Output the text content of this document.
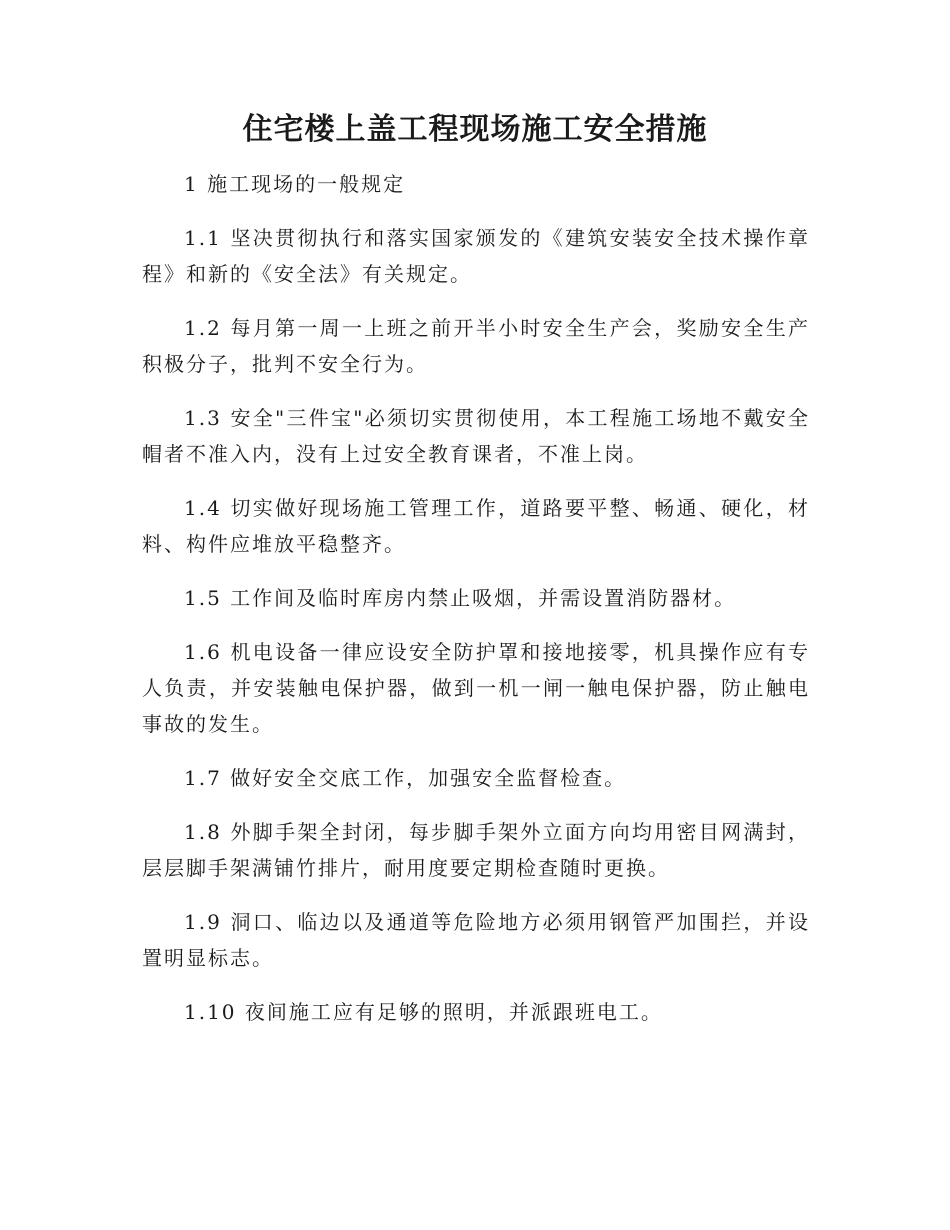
住宅楼上盖工程现场施工安全措施

1 施工现场的一般规定

1.1 坚决贯彻执行和落实国家颁发的《建筑安装安全技术操作章程》和新的《安全法》有关规定。

1.2 每月第一周一上班之前开半小时安全生产会，奖励安全生产积极分子，批判不安全行为。

1.3 安全"三件宝"必须切实贯彻使用，本工程施工场地不戴安全帽者不准入内，没有上过安全教育课者，不准上岗。

1.4 切实做好现场施工管理工作，道路要平整、畅通、硬化，材料、构件应堆放平稳整齐。

1.5 工作间及临时库房内禁止吸烟，并需设置消防器材。

1.6 机电设备一律应设安全防护罩和接地接零，机具操作应有专人负责，并安装触电保护器，做到一机一闸一触电保护器，防止触电事故的发生。

1.7 做好安全交底工作，加强安全监督检查。

1.8 外脚手架全封闭，每步脚手架外立面方向均用密目网满封，层层脚手架满铺竹排片，耐用度要定期检查随时更换。

1.9 洞口、临边以及通道等危险地方必须用钢管严加围拦，并设置明显标志。

1.10 夜间施工应有足够的照明，并派跟班电工。
